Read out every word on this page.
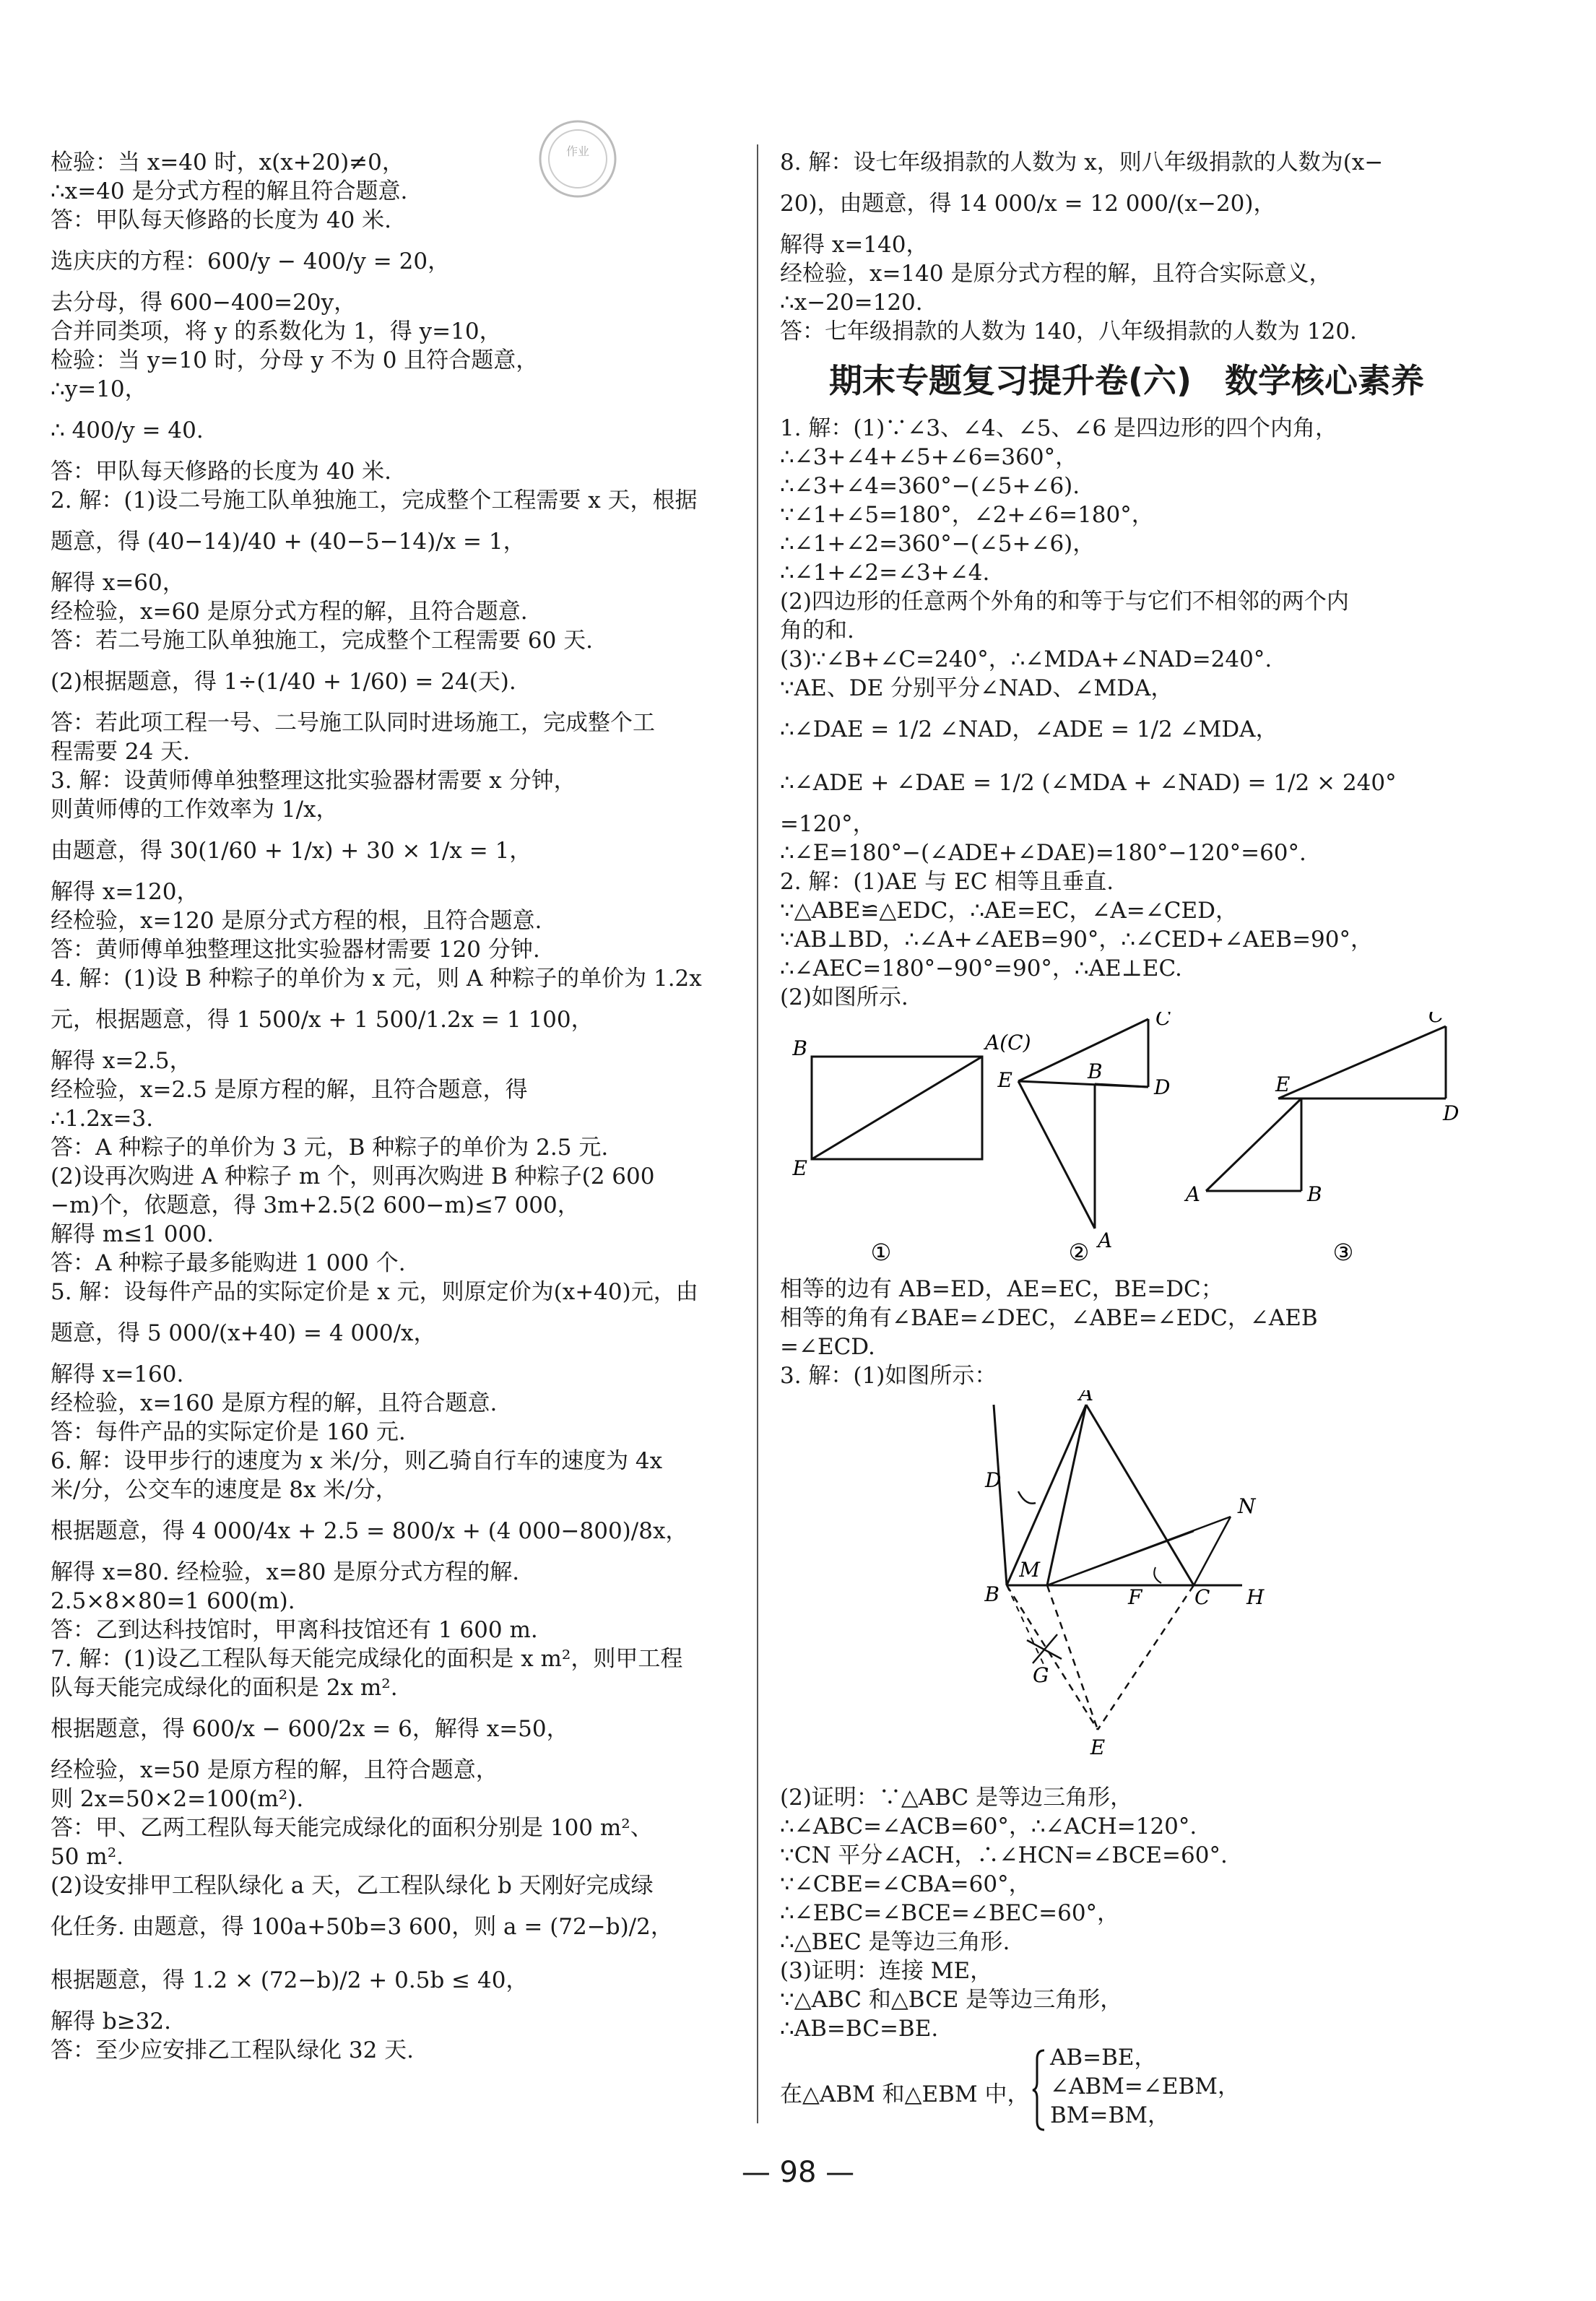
作业
检验：当 x=40 时，x(x+20)≠0，
∴x=40 是分式方程的解且符合题意.
答：甲队每天修路的长度为 40 米.
选庆庆的方程：600/y − 400/y = 20，
去分母，得 600−400=20y，
合并同类项，将 y 的系数化为 1，得 y=10，
检验：当 y=10 时，分母 y 不为 0 且符合题意，
∴y=10，
∴ 400/y = 40.
答：甲队每天修路的长度为 40 米.
2. 解：(1)设二号施工队单独施工，完成整个工程需要 x 天，根据
题意，得 (40−14)/40 + (40−5−14)/x = 1，
解得 x=60，
经检验，x=60 是原分式方程的解，且符合题意.
答：若二号施工队单独施工，完成整个工程需要 60 天.
(2)根据题意，得 1÷(1/40 + 1/60) = 24(天).
答：若此项工程一号、二号施工队同时进场施工，完成整个工
程需要 24 天.
3. 解：设黄师傅单独整理这批实验器材需要 x 分钟，
则黄师傅的工作效率为 1/x，
由题意，得 30(1/60 + 1/x) + 30 × 1/x = 1，
解得 x=120，
经检验，x=120 是原分式方程的根，且符合题意.
答：黄师傅单独整理这批实验器材需要 120 分钟.
4. 解：(1)设 B 种粽子的单价为 x 元，则 A 种粽子的单价为 1.2x
元，根据题意，得 1 500/x + 1 500/1.2x = 1 100，
解得 x=2.5，
经检验，x=2.5 是原方程的解，且符合题意，得
∴1.2x=3.
答：A 种粽子的单价为 3 元，B 种粽子的单价为 2.5 元.
(2)设再次购进 A 种粽子 m 个，则再次购进 B 种粽子(2 600
−m)个，依题意，得 3m+2.5(2 600−m)≤7 000，
解得 m≤1 000.
答：A 种粽子最多能购进 1 000 个.
5. 解：设每件产品的实际定价是 x 元，则原定价为(x+40)元，由
题意，得 5 000/(x+40) = 4 000/x，
解得 x=160.
经检验，x=160 是原方程的解，且符合题意.
答：每件产品的实际定价是 160 元.
6. 解：设甲步行的速度为 x 米/分，则乙骑自行车的速度为 4x
米/分，公交车的速度是 8x 米/分，
根据题意，得 4 000/4x + 2.5 = 800/x + (4 000−800)/8x，
解得 x=80. 经检验，x=80 是原分式方程的解.
2.5×8×80=1 600(m).
答：乙到达科技馆时，甲离科技馆还有 1 600 m.
7. 解：(1)设乙工程队每天能完成绿化的面积是 x m²，则甲工程
队每天能完成绿化的面积是 2x m².
根据题意，得 600/x − 600/2x = 6，解得 x=50，
经检验，x=50 是原方程的解，且符合题意，
则 2x=50×2=100(m²).
答：甲、乙两工程队每天能完成绿化的面积分别是 100 m²、
50 m².
(2)设安排甲工程队绿化 a 天，乙工程队绿化 b 天刚好完成绿
化任务. 由题意，得 100a+50b=3 600，则 a = (72−b)/2，
根据题意，得 1.2 × (72−b)/2 + 0.5b ≤ 40，
解得 b≥32.
答：至少应安排乙工程队绿化 32 天.
8. 解：设七年级捐款的人数为 x，则八年级捐款的人数为(x−
20)，由题意，得 14 000/x = 12 000/(x−20)，
解得 x=140，
经检验，x=140 是原分式方程的解，且符合实际意义，
∴x−20=120.
答：七年级捐款的人数为 140，八年级捐款的人数为 120.
期末专题复习提升卷(六)　数学核心素养
1. 解：(1)∵∠3、∠4、∠5、∠6 是四边形的四个内角，
∴∠3+∠4+∠5+∠6=360°，
∴∠3+∠4=360°−(∠5+∠6).
∵∠1+∠5=180°，∠2+∠6=180°，
∴∠1+∠2=360°−(∠5+∠6)，
∴∠1+∠2=∠3+∠4.
(2)四边形的任意两个外角的和等于与它们不相邻的两个内
角的和.
(3)∵∠B+∠C=240°，∴∠MDA+∠NAD=240°.
∵AE、DE 分别平分∠NAD、∠MDA，
∴∠DAE = 1/2 ∠NAD，∠ADE = 1/2 ∠MDA，
∴∠ADE + ∠DAE = 1/2 (∠MDA + ∠NAD) = 1/2 × 240°
=120°，
∴∠E=180°−(∠ADE+∠DAE)=180°−120°=60°.
2. 解：(1)AE 与 EC 相等且垂直.
∵△ABE≌△EDC，∴AE=EC，∠A=∠CED，
∵AB⊥BD，∴∠A+∠AEB=90°，∴∠CED+∠AEB=90°，
∴∠AEC=180°−90°=90°，∴AE⊥EC.
(2)如图所示.
B	A(C)
E
①
C
E	B
D
A
②
C
E
D
A	B
③
相等的边有 AB=ED，AE=EC，BE=DC；
相等的角有∠BAE=∠DEC，∠ABE=∠EDC，∠AEB
=∠ECD.
3. 解：(1)如图所示：
A
D
N
M
B	F	C H
G
E
(2)证明：∵△ABC 是等边三角形，
∴∠ABC=∠ACB=60°，∴∠ACH=120°.
∵CN 平分∠ACH，∴∠HCN=∠BCE=60°.
∵∠CBE=∠CBA=60°，
∴∠EBC=∠BCE=∠BEC=60°，
∴△BEC 是等边三角形.
(3)证明：连接 ME，
∵△ABC 和△BCE 是等边三角形，
∴AB=BC=BE.
在△ABM 和△EBM 中，
AB=BE，
∠ABM=∠EBM，
BM=BM，
— 98 —
